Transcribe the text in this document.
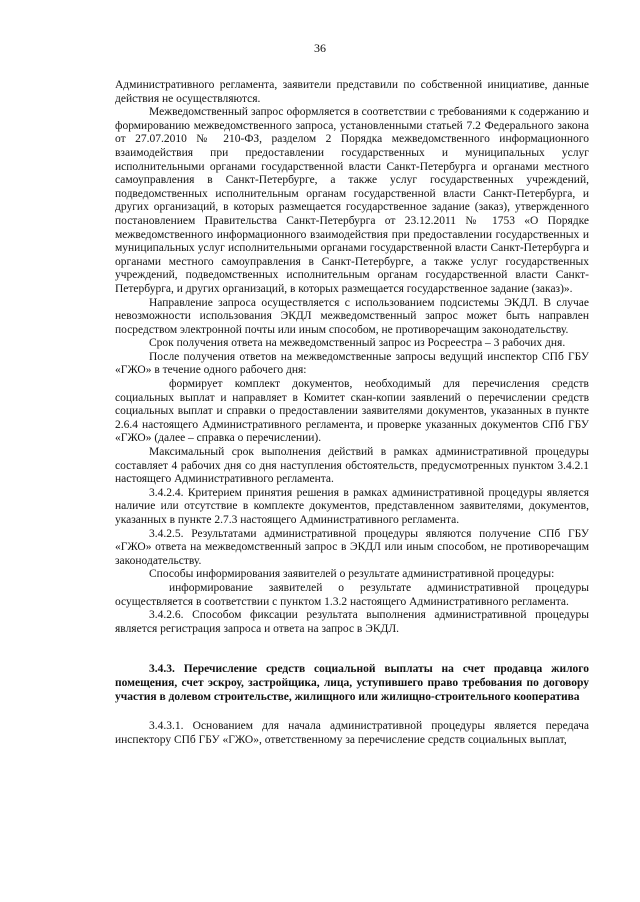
36

Административного регламента, заявители представили по собственной инициативе, данные действия не осуществляются.

Межведомственный запрос оформляется в соответствии с требованиями к содержанию и формированию межведомственного запроса, установленными статьей 7.2 Федерального закона от 27.07.2010 № 210-ФЗ, разделом 2 Порядка межведомственного информационного взаимодействия при предоставлении государственных и муниципальных услуг исполнительными органами государственной власти Санкт-Петербурга и органами местного самоуправления в Санкт-Петербурге, а также услуг государственных учреждений, подведомственных исполнительным органам государственной власти Санкт-Петербурга, и других организаций, в которых размещается государственное задание (заказ), утвержденного постановлением Правительства Санкт-Петербурга от 23.12.2011 № 1753 «О Порядке межведомственного информационного взаимодействия при предоставлении государственных и муниципальных услуг исполнительными органами государственной власти Санкт-Петербурга и органами местного самоуправления в Санкт-Петербурге, а также услуг государственных учреждений, подведомственных исполнительным органам государственной власти Санкт-Петербурга, и других организаций, в которых размещается государственное задание (заказ)».

Направление запроса осуществляется с использованием подсистемы ЭКДЛ. В случае невозможности использования ЭКДЛ межведомственный запрос может быть направлен посредством электронной почты или иным способом, не противоречащим законодательству.

Срок получения ответа на межведомственный запрос из Росреестра – 3 рабочих дня.

После получения ответов на межведомственные запросы ведущий инспектор СПб ГБУ «ГЖО» в течение одного рабочего дня:

формирует комплект документов, необходимый для перечисления средств социальных выплат и направляет в Комитет скан-копии заявлений о перечислении средств социальных выплат и справки о предоставлении заявителями документов, указанных в пункте 2.6.4 настоящего Административного регламента, и проверке указанных документов СПб ГБУ «ГЖО» (далее – справка о перечислении).

Максимальный срок выполнения действий в рамках административной процедуры составляет 4 рабочих дня со дня наступления обстоятельств, предусмотренных пунктом 3.4.2.1 настоящего Административного регламента.

3.4.2.4. Критерием принятия решения в рамках административной процедуры является наличие или отсутствие в комплекте документов, представленном заявителями, документов, указанных в пункте 2.7.3 настоящего Административного регламента.

3.4.2.5. Результатами административной процедуры являются получение СПб ГБУ «ГЖО» ответа на межведомственный запрос в ЭКДЛ или иным способом, не противоречащим законодательству.

Способы информирования заявителей о результате административной процедуры:

информирование заявителей о результате административной процедуры осуществляется в соответствии с пунктом 1.3.2 настоящего Административного регламента.

3.4.2.6. Способом фиксации результата выполнения административной процедуры является регистрация запроса и ответа на запрос в ЭКДЛ.

3.4.3. Перечисление средств социальной выплаты на счет продавца жилого помещения, счет эскроу, застройщика, лица, уступившего право требования по договору участия в долевом строительстве, жилищного или жилищно-строительного кооператива

3.4.3.1. Основанием для начала административной процедуры является передача инспектору СПб ГБУ «ГЖО», ответственному за перечисление средств социальных выплат,
